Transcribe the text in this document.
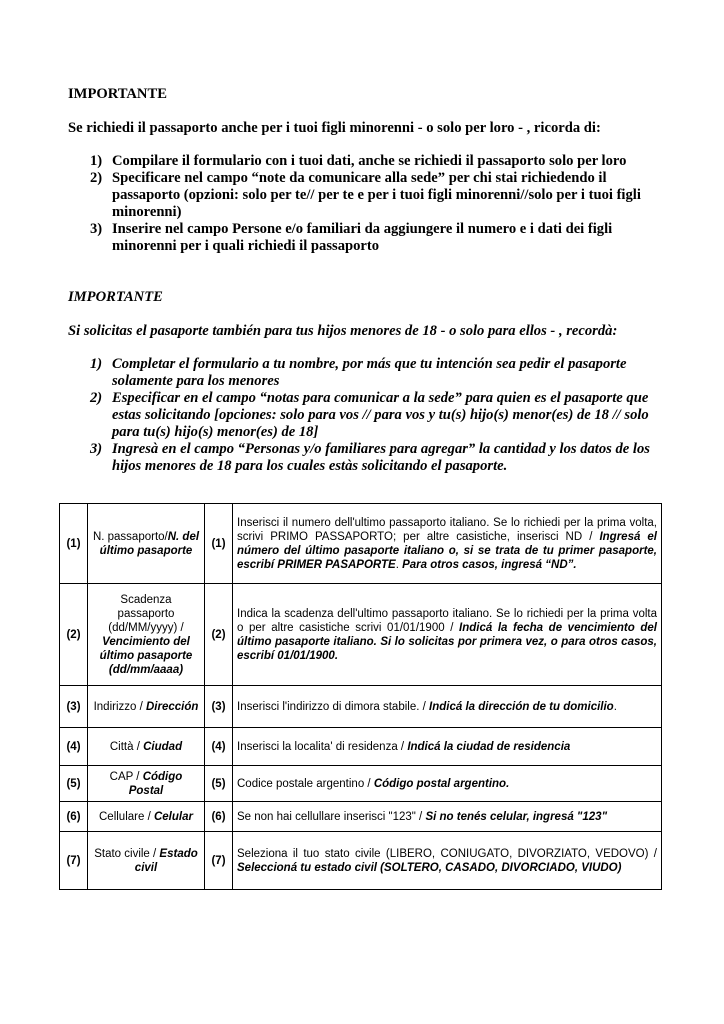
IMPORTANTE

Se richiedi il passaporto anche per i tuoi figli minorenni - o solo per loro - , ricorda di:

1) Compilare il formulario con i tuoi dati, anche se richiedi il passaporto solo per loro
2) Specificare nel campo “note da comunicare alla sede” per chi stai richiedendo il passaporto (opzioni: solo per te// per te e per i tuoi figli minorenni//solo per i tuoi figli minorenni)
3) Inserire nel campo Persone e/o familiari da aggiungere il numero e i dati dei figli minorenni per i quali richiedi il passaporto

IMPORTANTE

Si solicitas el pasaporte también para tus hijos menores de 18 - o solo para ellos - , recordà:

1) Completar el formulario a tu nombre, por más que tu intención sea pedir el pasaporte solamente para los menores
2) Especificar en el campo “notas para comunicar a la sede” para quien es el pasaporte que estas solicitando [opciones: solo para vos // para vos y tu(s) hijo(s) menor(es) de 18 // solo para tu(s) hijo(s) menor(es) de 18]
3) Ingresà en el campo “Personas y/o familiares para agregar” la cantidad y los datos de los hijos menores de 18 para los cuales estàs solicitando el pasaporte.
(1)	N. passaporto/N. del último pasaporte	(1)	Inserisci il numero dell'ultimo passaporto italiano. Se lo richiedi per la prima volta, scrivi PRIMO PASSAPORTO; per altre casistiche, inserisci ND / Ingresá el número del último pasaporte italiano o, si se trata de tu primer pasaporte, escribí PRIMER PASAPORTE. Para otros casos, ingresá “ND”.
(2)	Scadenza passaporto (dd/MM/yyyy) / Vencimiento del último pasaporte (dd/mm/aaaa)	(2)	Indica la scadenza dell'ultimo passaporto italiano. Se lo richiedi per la prima volta o per altre casistiche scrivi 01/01/1900 / Indicá la fecha de vencimiento del último pasaporte italiano. Si lo solicitas por primera vez, o para otros casos, escribí 01/01/1900.
(3)	Indirizzo / Dirección	(3)	Inserisci l'indirizzo di dimora stabile. / Indicá la dirección de tu domicilio.
(4)	Città / Ciudad	(4)	Inserisci la localita' di residenza / Indicá la ciudad de residencia
(5)	CAP / Código Postal	(5)	Codice postale argentino / Código postal argentino.
(6)	Cellulare / Celular	(6)	Se non hai cellullare inserisci "123" / Si no tenés celular, ingresá "123"
(7)	Stato civile / Estado civil	(7)	Seleziona il tuo stato civile (LIBERO, CONIUGATO, DIVORZIATO, VEDOVO) / Seleccioná tu estado civil (SOLTERO, CASADO, DIVORCIADO, VIUDO)
